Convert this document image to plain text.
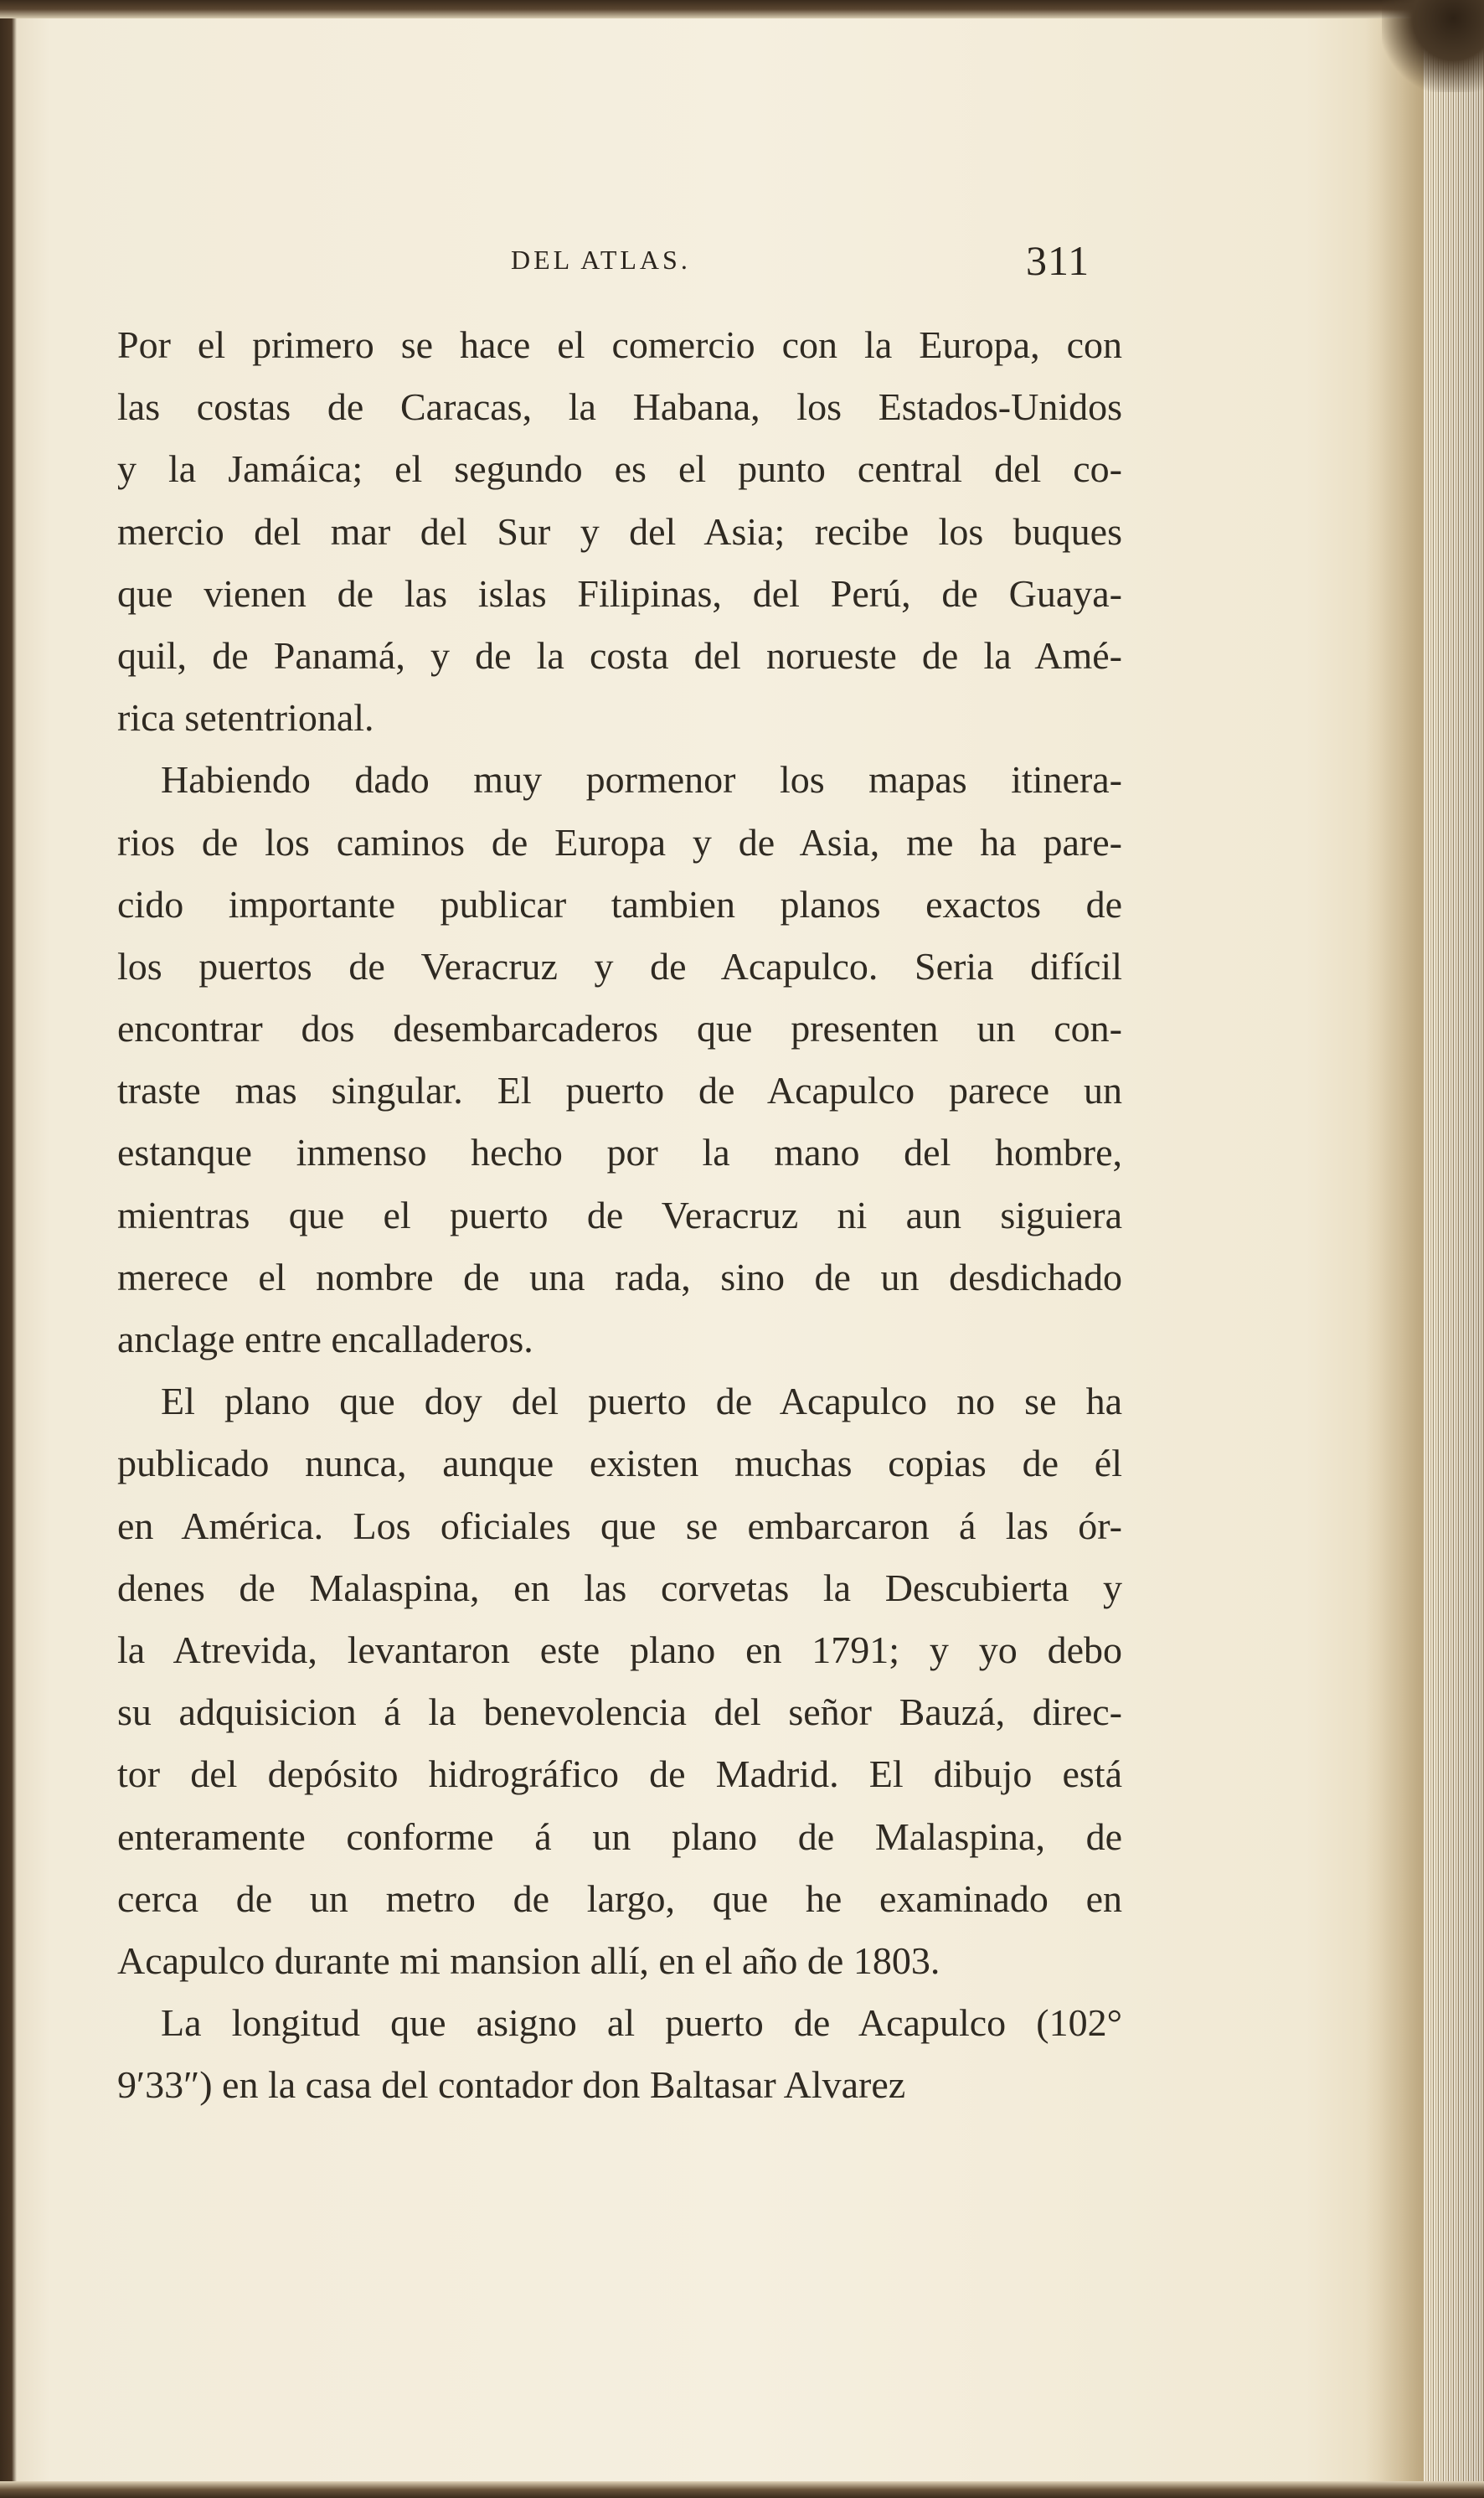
DEL ATLAS.	311
Por el primero se hace el comercio con la Europa, con
las costas de Caracas, la Habana, los Estados-Unidos
y la Jamáica; el segundo es el punto central del co-
mercio del mar del Sur y del Asia; recibe los buques
que vienen de las islas Filipinas, del Perú, de Guaya-
quil, de Panamá, y de la costa del norueste de la Amé-
rica setentrional.
Habiendo dado muy pormenor los mapas itinera-
rios de los caminos de Europa y de Asia, me ha pare-
cido importante publicar tambien planos exactos de
los puertos de Veracruz y de Acapulco. Seria difícil
encontrar dos desembarcaderos que presenten un con-
traste mas singular. El puerto de Acapulco parece un
estanque inmenso hecho por la mano del hombre,
mientras que el puerto de Veracruz ni aun siguiera
merece el nombre de una rada, sino de un desdichado
anclage entre encalladeros.
El plano que doy del puerto de Acapulco no se ha
publicado nunca, aunque existen muchas copias de él
en América. Los oficiales que se embarcaron á las ór-
denes de Malaspina, en las corvetas la Descubierta y
la Atrevida, levantaron este plano en 1791; y yo debo
su adquisicion á la benevolencia del señor Bauzá, direc-
tor del depósito hidrográfico de Madrid. El dibujo está
enteramente conforme á un plano de Malaspina, de
cerca de un metro de largo, que he examinado en
Acapulco durante mi mansion allí, en el año de 1803.
La longitud que asigno al puerto de Acapulco (102°
9′33″) en la casa del contador don Baltasar Alvarez
